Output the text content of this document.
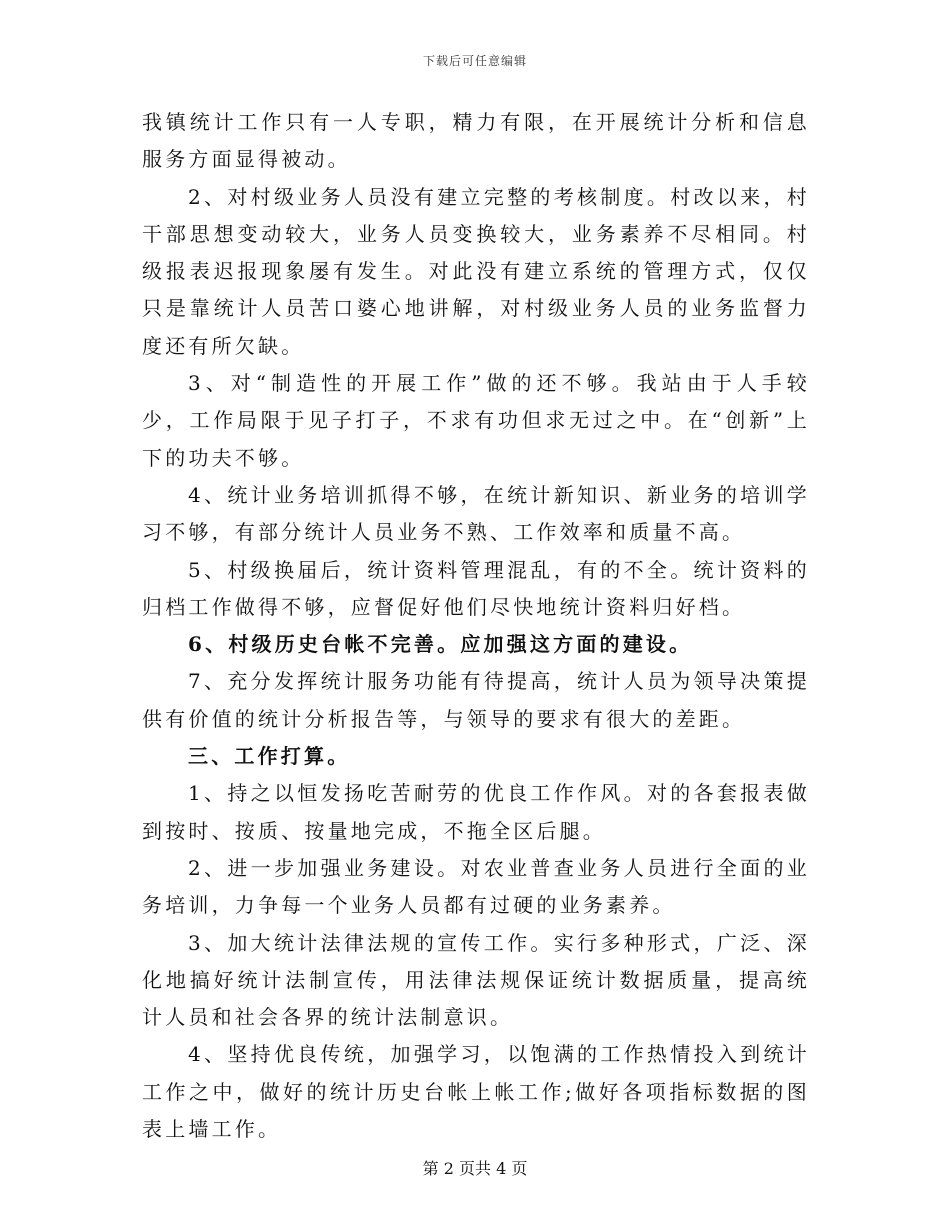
下载后可任意编辑

我镇统计工作只有一人专职，精力有限，在开展统计分析和信息服务方面显得被动。

2、对村级业务人员没有建立完整的考核制度。村改以来，村干部思想变动较大，业务人员变换较大，业务素养不尽相同。村级报表迟报现象屡有发生。对此没有建立系统的管理方式，仅仅只是靠统计人员苦口婆心地讲解，对村级业务人员的业务监督力度还有所欠缺。

3、对“制造性的开展工作”做的还不够。我站由于人手较少，工作局限于见子打子，不求有功但求无过之中。在“创新”上下的功夫不够。

4、统计业务培训抓得不够，在统计新知识、新业务的培训学习不够，有部分统计人员业务不熟、工作效率和质量不高。

5、村级换届后，统计资料管理混乱，有的不全。统计资料的归档工作做得不够，应督促好他们尽快地统计资料归好档。

6、村级历史台帐不完善。应加强这方面的建设。

7、充分发挥统计服务功能有待提高，统计人员为领导决策提供有价值的统计分析报告等，与领导的要求有很大的差距。

三、工作打算。

1、持之以恒发扬吃苦耐劳的优良工作作风。对的各套报表做到按时、按质、按量地完成，不拖全区后腿。

2、进一步加强业务建设。对农业普查业务人员进行全面的业务培训，力争每一个业务人员都有过硬的业务素养。

3、加大统计法律法规的宣传工作。实行多种形式，广泛、深化地搞好统计法制宣传，用法律法规保证统计数据质量，提高统计人员和社会各界的统计法制意识。

4、坚持优良传统，加强学习，以饱满的工作热情投入到统计工作之中，做好的统计历史台帐上帐工作;做好各项指标数据的图表上墙工作。

第 2 页共 4 页
